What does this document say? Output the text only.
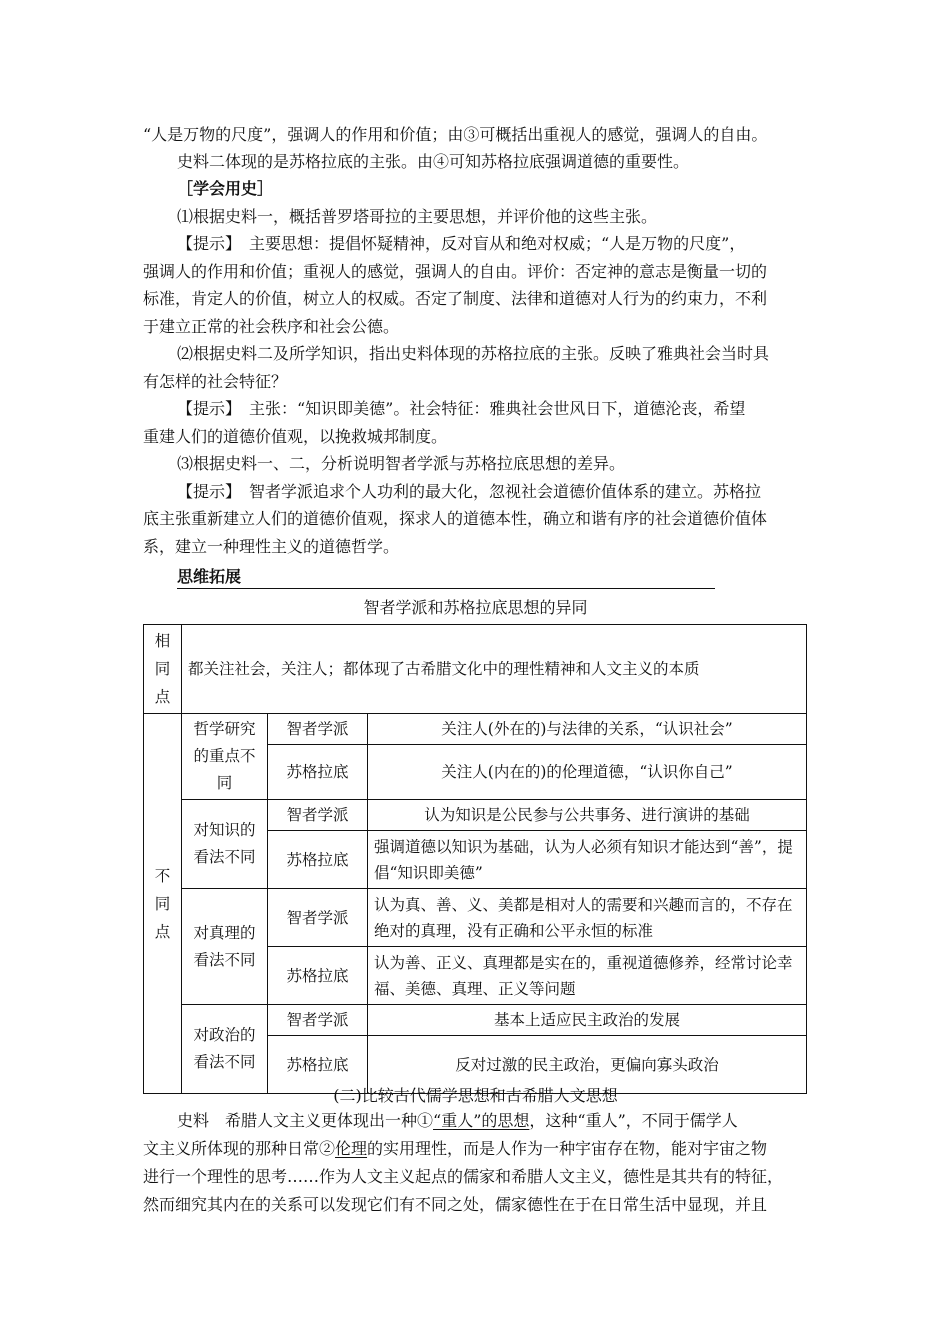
“人是万物的尺度”，强调人的作用和价值；由③可概括出重视人的感觉，强调人的自由。
史料二体现的是苏格拉底的主张。由④可知苏格拉底强调道德的重要性。
［学会用史］
⑴根据史料一，概括普罗塔哥拉的主要思想，并评价他的这些主张。
【提示】　主要思想：提倡怀疑精神，反对盲从和绝对权威；“人是万物的尺度”，
强调人的作用和价值；重视人的感觉，强调人的自由。评价：否定神的意志是衡量一切的
标准，肯定人的价值，树立人的权威。否定了制度、法律和道德对人行为的约束力，不利
于建立正常的社会秩序和社会公德。
⑵根据史料二及所学知识，指出史料体现的苏格拉底的主张。反映了雅典社会当时具
有怎样的社会特征？
【提示】　主张：“知识即美德”。社会特征：雅典社会世风日下，道德沦丧，希望
重建人们的道德价值观，以挽救城邦制度。
⑶根据史料一、二，分析说明智者学派与苏格拉底思想的差异。
【提示】　智者学派追求个人功利的最大化，忽视社会道德价值体系的建立。苏格拉
底主张重新建立人们的道德价值观，探求人的道德本性，确立和谐有序的社会道德价值体
系，建立一种理性主义的道德哲学。
思维拓展
智者学派和苏格拉底思想的异同
相
同
点	都关注社会，关注人；都体现了古希腊文化中的理性精神和人文主义的本质		
不
同
点	哲学研究的重点不同	智者学派	关注人(外在的)与法律的关系，“认识社会”
		苏格拉底	关注人(内在的)的伦理道德，“认识你自己”
	对知识的看法不同	智者学派	认为知识是公民参与公共事务、进行演讲的基础
		苏格拉底	强调道德以知识为基础，认为人必须有知识才能达到“善”，提倡“知识即美德”
	对真理的看法不同	智者学派	认为真、善、义、美都是相对人的需要和兴趣而言的，不存在绝对的真理，没有正确和公平永恒的标准
		苏格拉底	认为善、正义、真理都是实在的，重视道德修养，经常讨论幸福、美德、真理、正义等问题
	对政治的看法不同	智者学派	基本上适应民主政治的发展
		苏格拉底	反对过激的民主政治，更偏向寡头政治
(二)比较古代儒学思想和古希腊人文思想
史料　希腊人文主义更体现出一种①“重人”的思想，这种“重人”，不同于儒学人
文主义所体现的那种日常②伦理的实用理性，而是人作为一种宇宙存在物，能对宇宙之物
进行一个理性的思考……作为人文主义起点的儒家和希腊人文主义，德性是其共有的特征，
然而细究其内在的关系可以发现它们有不同之处，儒家德性在于在日常生活中显现，并且
